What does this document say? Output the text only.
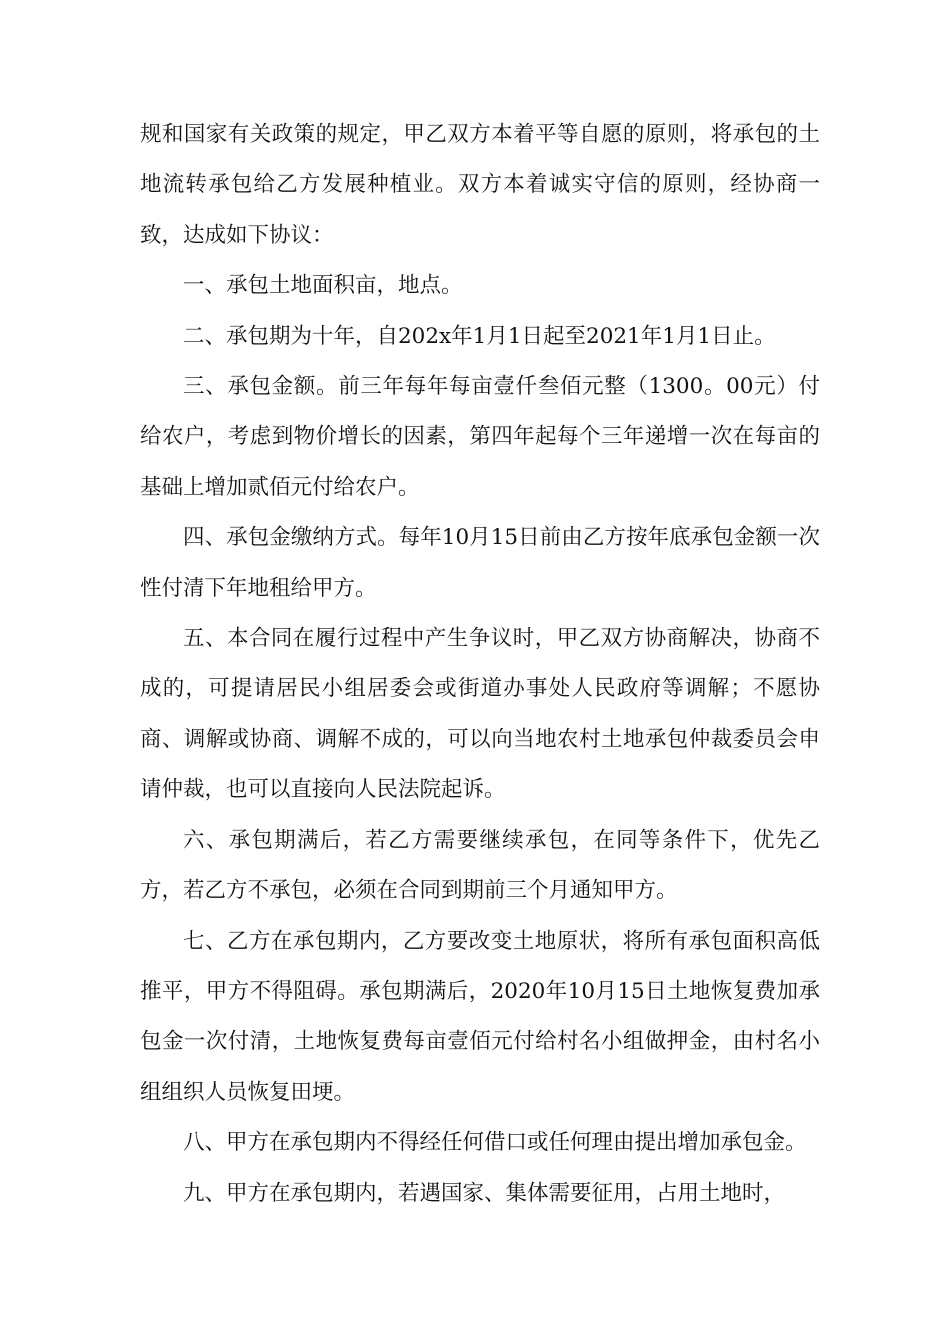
规和国家有关政策的规定，甲乙双方本着平等自愿的原则，将承包的土地流转承包给乙方发展种植业。双方本着诚实守信的原则，经协商一致，达成如下协议：

一、承包土地面积亩，地点。

二、承包期为十年，自202x年1月1日起至2021年1月1日止。

三、承包金额。前三年每年每亩壹仟叁佰元整（1300。00元）付给农户，考虑到物价增长的因素，第四年起每个三年递增一次在每亩的基础上增加贰佰元付给农户。

四、承包金缴纳方式。每年10月15日前由乙方按年底承包金额一次性付清下年地租给甲方。

五、本合同在履行过程中产生争议时，甲乙双方协商解决，协商不成的，可提请居民小组居委会或街道办事处人民政府等调解；不愿协商、调解或协商、调解不成的，可以向当地农村土地承包仲裁委员会申请仲裁，也可以直接向人民法院起诉。

六、承包期满后，若乙方需要继续承包，在同等条件下，优先乙方，若乙方不承包，必须在合同到期前三个月通知甲方。

七、乙方在承包期内，乙方要改变土地原状，将所有承包面积高低推平，甲方不得阻碍。承包期满后，2020年10月15日土地恢复费加承包金一次付清，土地恢复费每亩壹佰元付给村名小组做押金，由村名小组组织人员恢复田埂。

八、甲方在承包期内不得经任何借口或任何理由提出增加承包金。

九、甲方在承包期内，若遇国家、集体需要征用，占用土地时，
